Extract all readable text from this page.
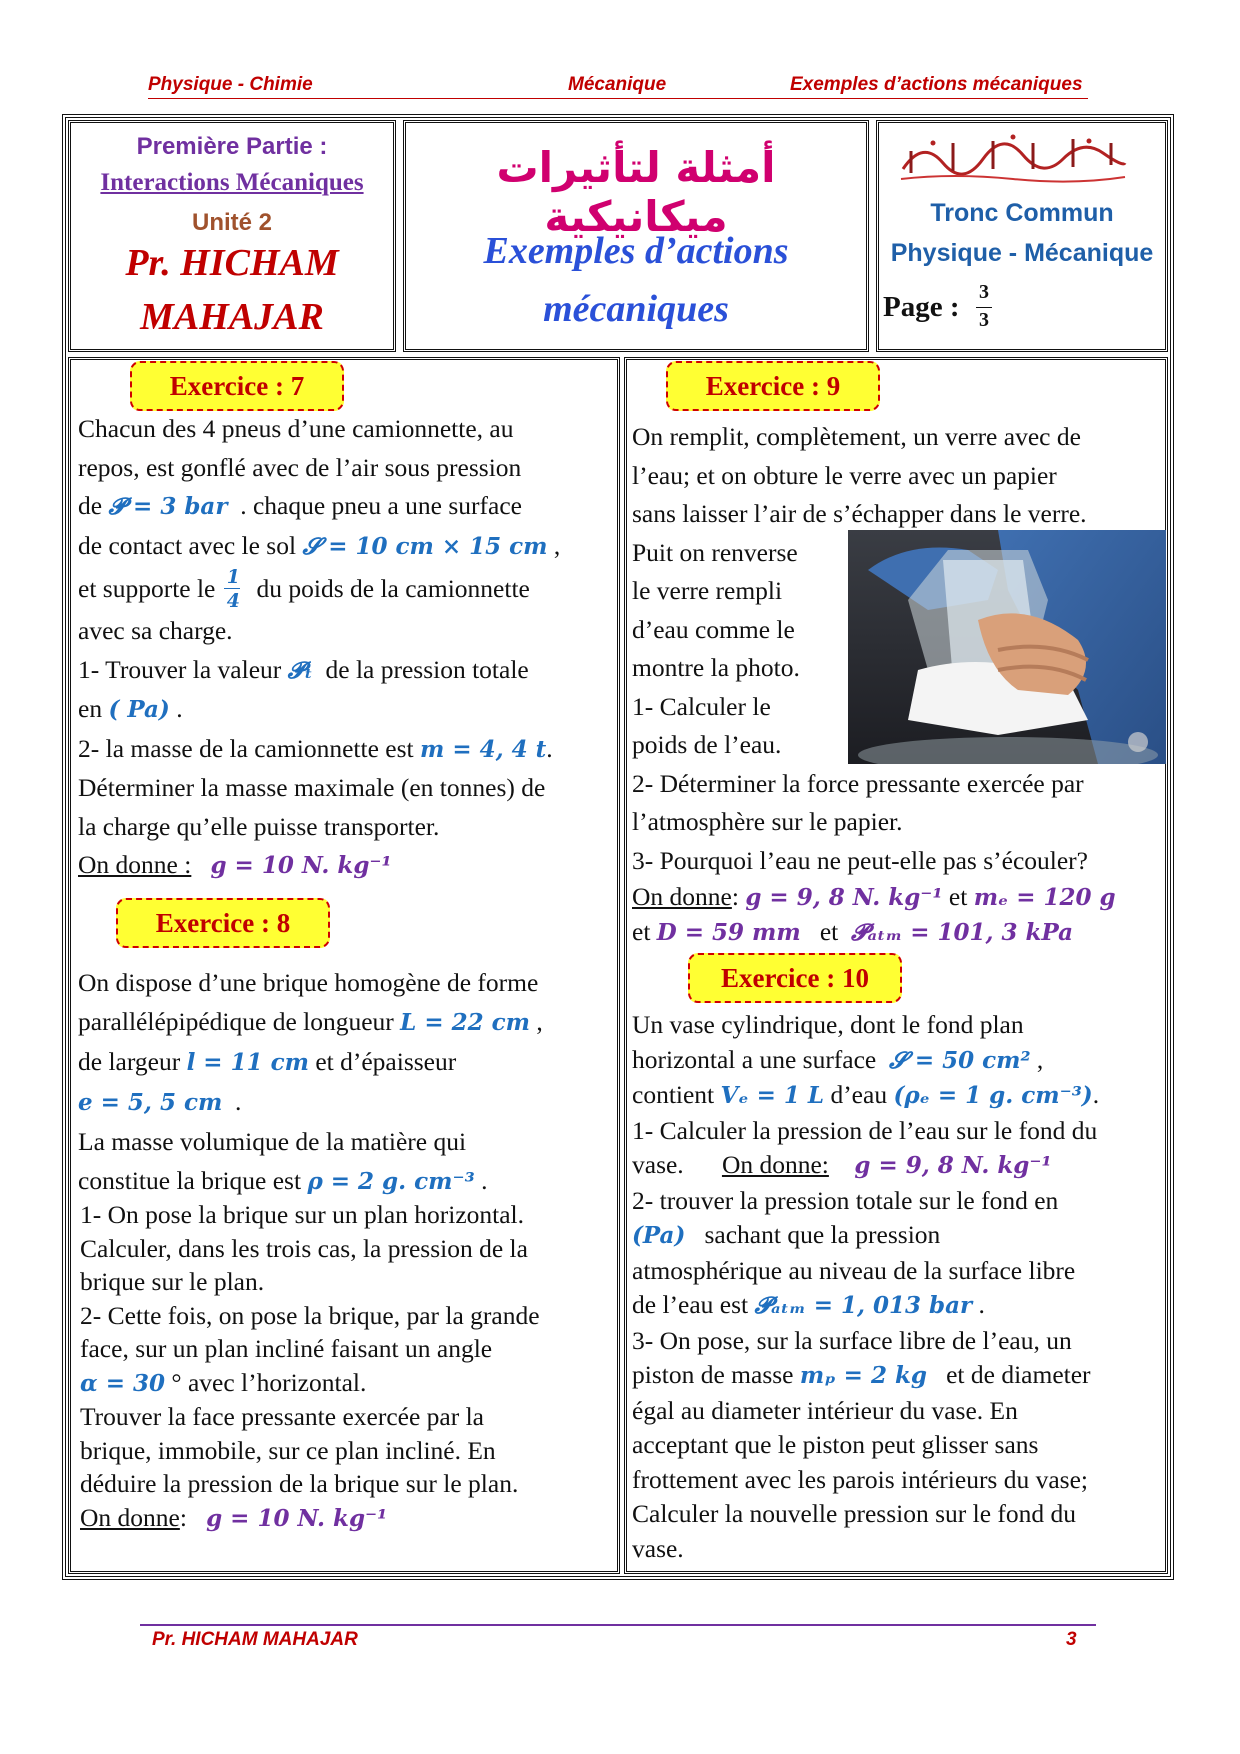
Physique - Chimie	Mécanique	Exemples d’actions mécaniques
Première Partie :
Interactions Mécaniques
Unité 2
Pr. HICHAM
MAHAJAR
أمثلة لتأثيرات ميكانيكية
Exemples d’actions
mécaniques
Tronc Commun
Physique - Mécanique
Page : 3
3
Exercice : 7

Chacun des 4 pneus d’une camionnette, au

repos, est gonflé avec de l’air sous pression

de 𝓟 = 3 bar . chaque pneu a une surface

de contact avec le sol 𝓢 = 10 cm × 15 cm ,

et supporte le 1
4 du poids de la camionnette

avec sa charge.

1- Trouver la valeur 𝓟ₜ de la pression totale

en ( Pa) .

2- la masse de la camionnette est m = 4, 4 t.

Déterminer la masse maximale (en tonnes) de

la charge qu’elle puisse transporter.

On donne : g = 10 N. kg⁻¹

Exercice : 8

On dispose d’une brique homogène de forme

parallélépipédique de longueur L = 22 cm ,

de largeur l = 11 cm et d’épaisseur

e = 5, 5 cm .

La masse volumique de la matière qui

constitue la brique est ρ = 2 g. cm⁻³ .

1- On pose la brique sur un plan horizontal.

Calculer, dans les trois cas, la pression de la

brique sur le plan.

2- Cette fois, on pose la brique, par la grande

face, sur un plan incliné faisant un angle

α = 30 ° avec l’horizontal.

Trouver la face pressante exercée par la

brique, immobile, sur ce plan incliné. En

déduire la pression de la brique sur le plan.

On donne: g = 10 N. kg⁻¹

Exercice : 9

On remplit, complètement, un verre avec de

l’eau; et on obture le verre avec un papier

sans laisser l’air de s’échapper dans le verre.

Puit on renverse

le verre rempli

d’eau comme le

montre la photo.

1- Calculer le

poids de l’eau.

2- Déterminer la force pressante exercée par

l’atmosphère sur le papier.

3- Pourquoi l’eau ne peut-elle pas s’écouler?

On donne: g = 9, 8 N. kg⁻¹ et mₑ = 120 g

et D = 59 mm et 𝓟ₐₜₘ = 101, 3 kPa

Exercice : 10

Un vase cylindrique, dont le fond plan

horizontal a une surface 𝓢 = 50 cm² ,

contient Vₑ = 1 L d’eau (ρₑ = 1 g. cm⁻³).

1- Calculer la pression de l’eau sur le fond du

vase. On donne: g = 9, 8 N. kg⁻¹

2- trouver la pression totale sur le fond en

(Pa) sachant que la pression

atmosphérique au niveau de la surface libre

de l’eau est 𝓟ₐₜₘ = 1, 013 bar .

3- On pose, sur la surface libre de l’eau, un

piston de masse mₚ = 2 kg et de diameter

égal au diameter intérieur du vase. En

acceptant que le piston peut glisser sans

frottement avec les parois intérieurs du vase;

Calculer la nouvelle pression sur le fond du

vase.

Pr. HICHAM MAHAJAR	3
